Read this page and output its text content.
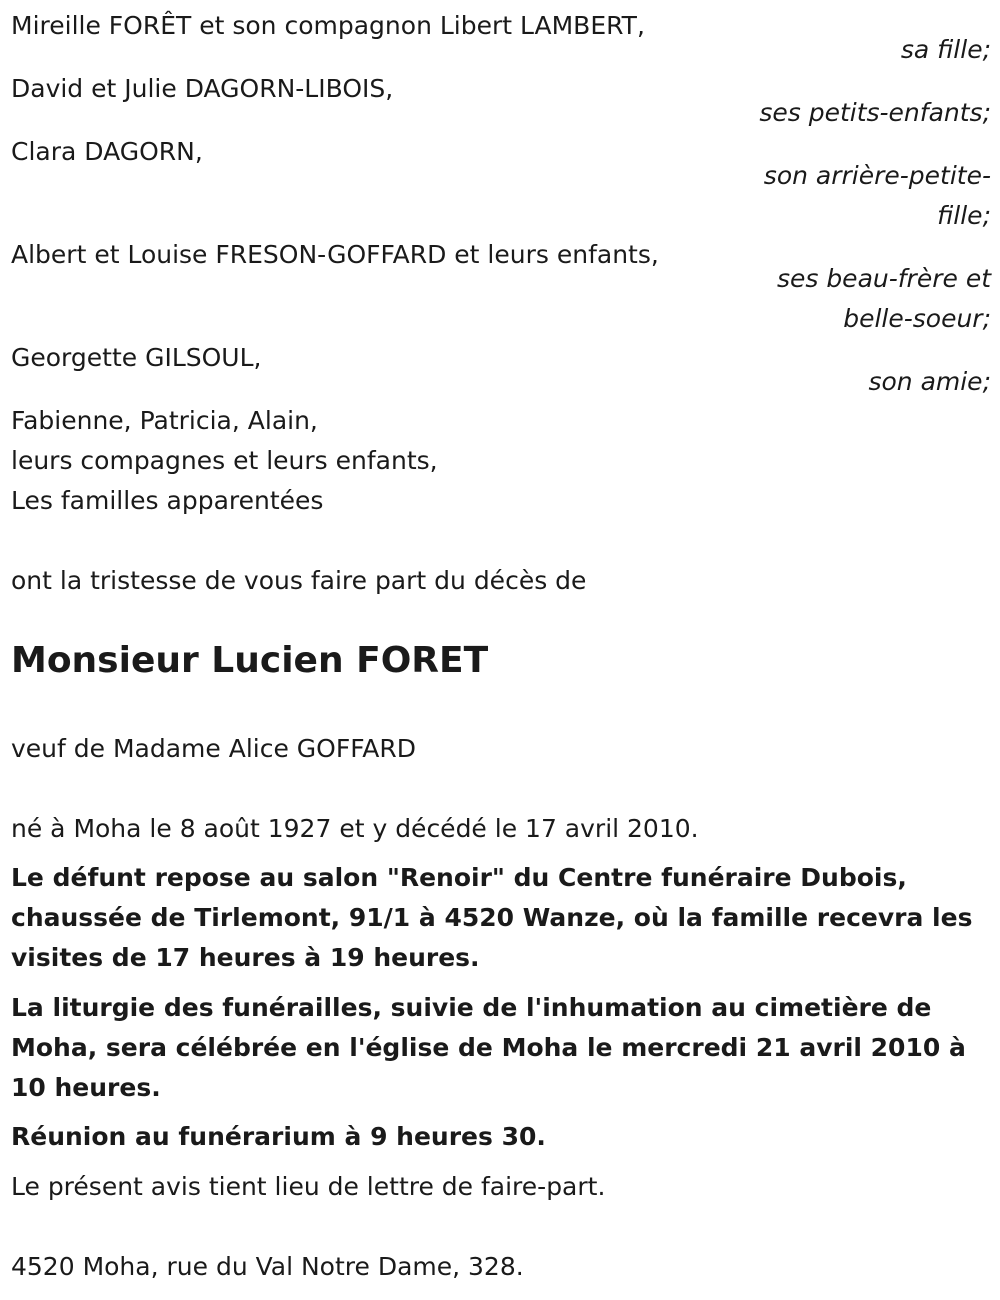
Mireille FORÊT et son compagnon Libert LAMBERT,
sa fille;
David et Julie DAGORN-LIBOIS,
ses petits-enfants;
Clara DAGORN,
son arrière-petite-
fille;
Albert et Louise FRESON-GOFFARD et leurs enfants,
ses beau-frère et
belle-soeur;
Georgette GILSOUL,
son amie;
Fabienne, Patricia, Alain,
leurs compagnes et leurs enfants,
Les familles apparentées
ont la tristesse de vous faire part du décès de
Monsieur Lucien FORET
veuf de Madame Alice GOFFARD
né à Moha le 8 août 1927 et y décédé le 17 avril 2010.
Le défunt repose au salon "Renoir" du Centre funéraire Dubois, chaussée de Tirlemont, 91/1 à 4520 Wanze, où la famille recevra les visites de 17 heures à 19 heures.
La liturgie des funérailles, suivie de l'inhumation au cimetière de Moha, sera célébrée en l'église de Moha le mercredi 21 avril 2010 à 10 heures.
Réunion au funérarium à 9 heures 30.
Le présent avis tient lieu de lettre de faire-part.
4520 Moha, rue du Val Notre Dame, 328.
